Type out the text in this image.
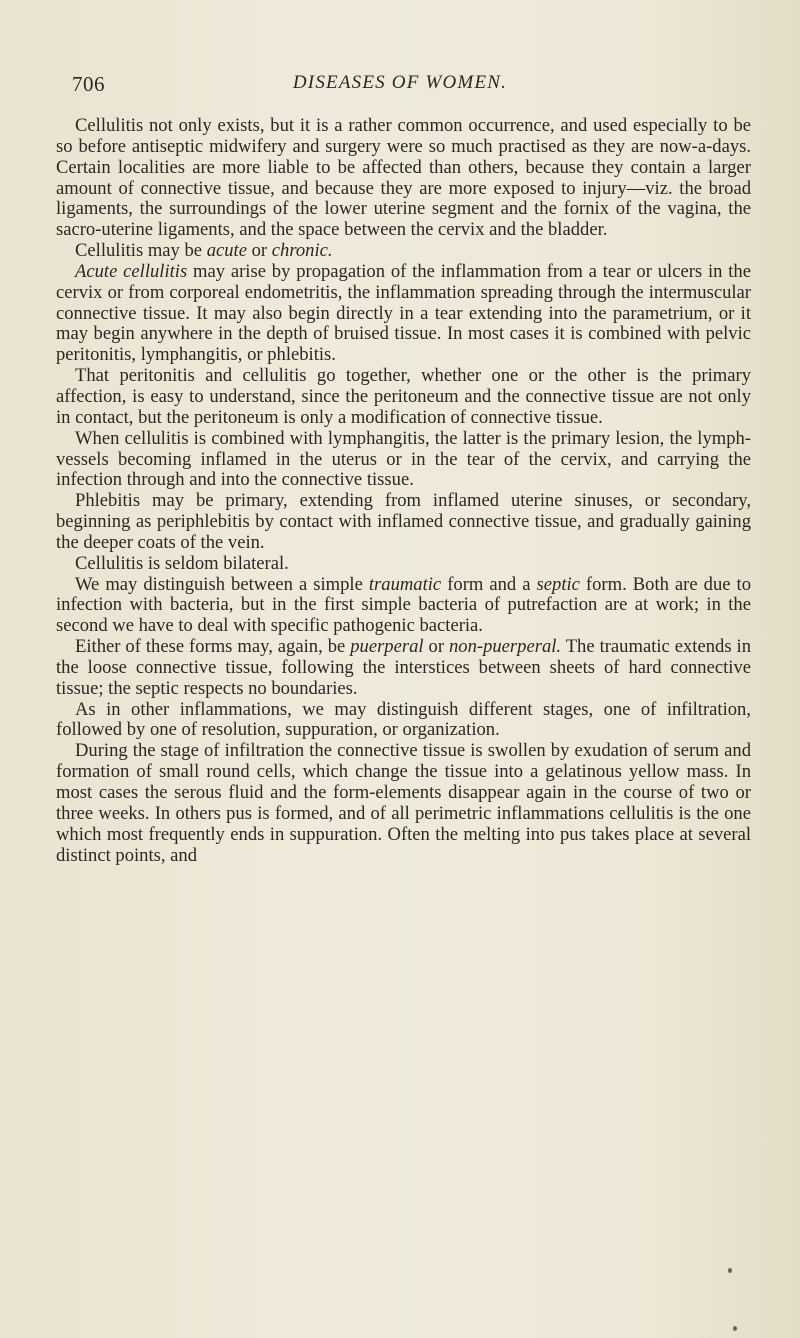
706	DISEASES OF WOMEN.

Cellulitis not only exists, but it is a rather common occurrence, and used especially to be so before antiseptic midwifery and surgery were so much practised as they are now-a-days. Certain localities are more liable to be affected than others, because they contain a larger amount of connective tissue, and because they are more exposed to injury—viz. the broad ligaments, the surroundings of the lower uterine segment and the fornix of the vagina, the sacro-uterine ligaments, and the space between the cervix and the bladder.

Cellulitis may be acute or chronic.

Acute cellulitis may arise by propagation of the inflammation from a tear or ulcers in the cervix or from corporeal endometritis, the inflammation spreading through the intermuscular connective tissue. It may also begin directly in a tear extending into the parametrium, or it may begin anywhere in the depth of bruised tissue. In most cases it is combined with pelvic peritonitis, lymphangitis, or phlebitis.

That peritonitis and cellulitis go together, whether one or the other is the primary affection, is easy to understand, since the peritoneum and the connective tissue are not only in contact, but the peritoneum is only a modification of connective tissue.

When cellulitis is combined with lymphangitis, the latter is the primary lesion, the lymph-vessels becoming inflamed in the uterus or in the tear of the cervix, and carrying the infection through and into the connective tissue.

Phlebitis may be primary, extending from inflamed uterine sinuses, or secondary, beginning as periphlebitis by contact with inflamed connective tissue, and gradually gaining the deeper coats of the vein.

Cellulitis is seldom bilateral.

We may distinguish between a simple traumatic form and a septic form. Both are due to infection with bacteria, but in the first simple bacteria of putrefaction are at work; in the second we have to deal with specific pathogenic bacteria.

Either of these forms may, again, be puerperal or non-puerperal. The traumatic extends in the loose connective tissue, following the interstices between sheets of hard connective tissue; the septic respects no boundaries.

As in other inflammations, we may distinguish different stages, one of infiltration, followed by one of resolution, suppuration, or organization.

During the stage of infiltration the connective tissue is swollen by exudation of serum and formation of small round cells, which change the tissue into a gelatinous yellow mass. In most cases the serous fluid and the form-elements disappear again in the course of two or three weeks. In others pus is formed, and of all perimetric inflammations cellulitis is the one which most frequently ends in suppuration. Often the melting into pus takes place at several distinct points, and
